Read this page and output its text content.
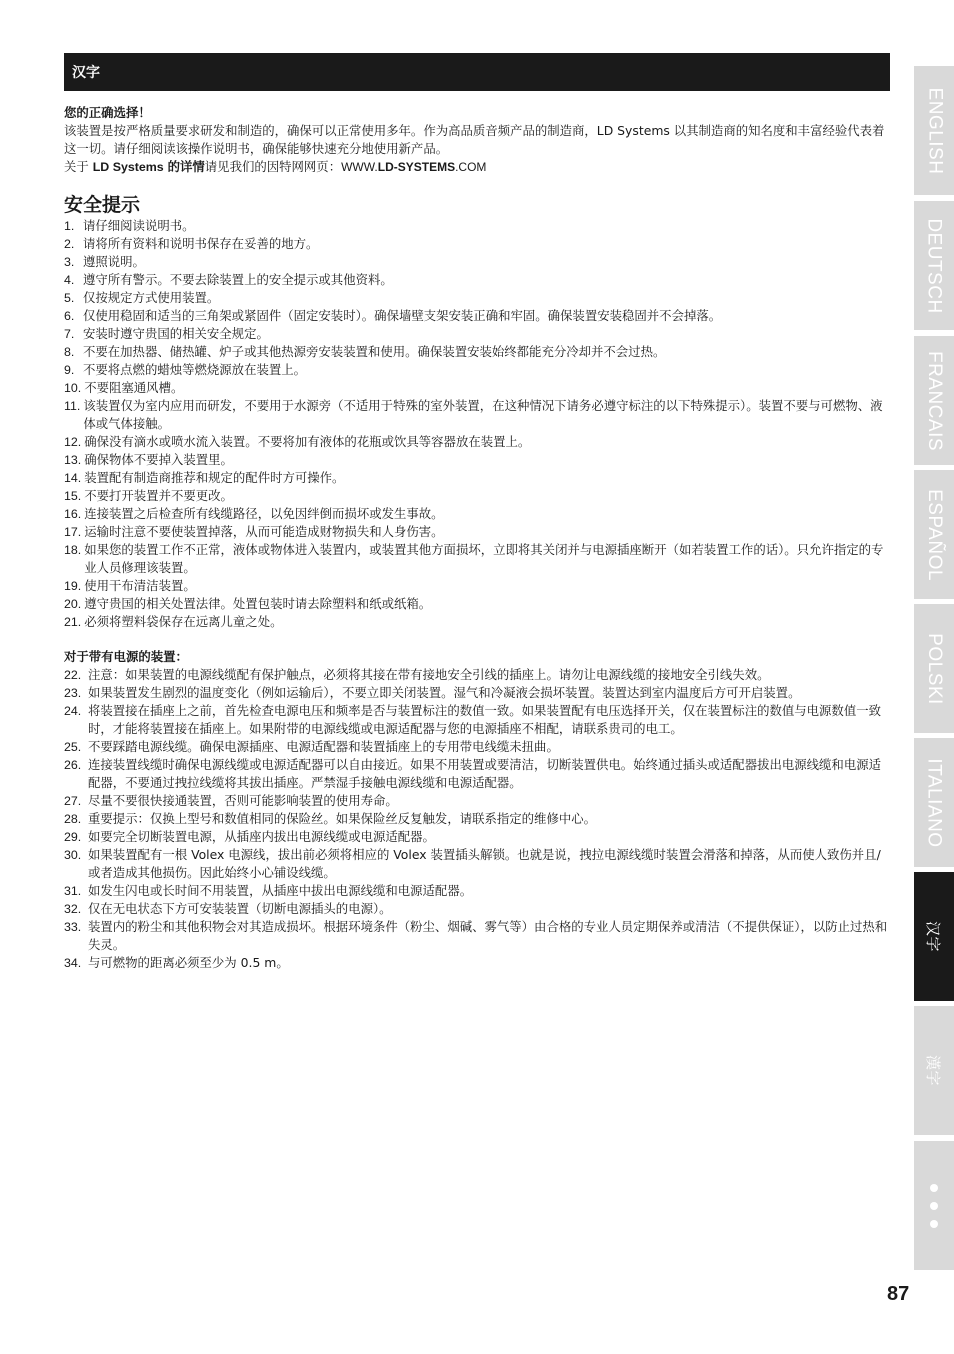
汉字

您的正确选择！

该装置是按严格质量要求研发和制造的，确保可以正常使用多年。作为高品质音频产品的制造商，LD Systems 以其制造商的知名度和丰富经验代表着这一切。请仔细阅读该操作说明书，确保能够快速充分地使用新产品。

关于 LD Systems 的详情请见我们的因特网网页：WWW.LD-SYSTEMS.COM

安全提示
1. 请仔细阅读说明书。
2. 请将所有资料和说明书保存在妥善的地方。
3. 遵照说明。
4. 遵守所有警示。不要去除装置上的安全提示或其他资料。
5. 仅按规定方式使用装置。
6. 仅使用稳固和适当的三角架或紧固件（固定安装时）。确保墙壁支架安装正确和牢固。确保装置安装稳固并不会掉落。
7. 安装时遵守贵国的相关安全规定。
8. 不要在加热器、储热罐、炉子或其他热源旁安装装置和使用。确保装置安装始终都能充分冷却并不会过热。
9. 不要将点燃的蜡烛等燃烧源放在装置上。
10. 不要阻塞通风槽。
11. 该装置仅为室内应用而研发，不要用于水源旁（不适用于特殊的室外装置，在这种情况下请务必遵守标注的以下特殊提示）。装置不要与可燃物、液体或气体接触。
12. 确保没有滴水或喷水流入装置。不要将加有液体的花瓶或饮具等容器放在装置上。
13. 确保物体不要掉入装置里。
14. 装置配有制造商推荐和规定的配件时方可操作。
15. 不要打开装置并不要更改。
16. 连接装置之后检查所有线缆路径，以免因绊倒而损坏或发生事故。
17. 运输时注意不要使装置掉落，从而可能造成财物损失和人身伤害。
18. 如果您的装置工作不正常，液体或物体进入装置内，或装置其他方面损坏，立即将其关闭并与电源插座断开（如若装置工作的话）。只允许指定的专业人员修理该装置。
19. 使用干布清洁装置。
20. 遵守贵国的相关处置法律。处置包装时请去除塑料和纸或纸箱。
21. 必须将塑料袋保存在远离儿童之处。
对于带有电源的装置：
22. 注意：如果装置的电源线缆配有保护触点，必须将其接在带有接地安全引线的插座上。请勿让电源线缆的接地安全引线失效。
23. 如果装置发生剧烈的温度变化（例如运输后），不要立即关闭装置。湿气和冷凝液会损坏装置。装置达到室内温度后方可开启装置。
24. 将装置接在插座上之前，首先检查电源电压和频率是否与装置标注的数值一致。如果装置配有电压选择开关，仅在装置标注的数值与电源数值一致时，才能将装置接在插座上。如果附带的电源线缆或电源适配器与您的电源插座不相配，请联系贵司的电工。
25. 不要踩踏电源线缆。确保电源插座、电源适配器和装置插座上的专用带电线缆未扭曲。
26. 连接装置线缆时确保电源线缆或电源适配器可以自由接近。如果不用装置或要清洁，切断装置供电。始终通过插头或适配器拔出电源线缆和电源适配器，不要通过拽拉线缆将其拔出插座。严禁湿手接触电源线缆和电源适配器。
27. 尽量不要很快接通装置，否则可能影响装置的使用寿命。
28. 重要提示：仅换上型号和数值相同的保险丝。如果保险丝反复触发，请联系指定的维修中心。
29. 如要完全切断装置电源，从插座内拔出电源线缆或电源适配器。
30. 如果装置配有一根 Volex 电源线，拔出前必须将相应的 Volex 装置插头解锁。也就是说，拽拉电源线缆时装置会滑落和掉落，从而使人致伤并且/或者造成其他损伤。因此始终小心铺设线缆。
31. 如发生闪电或长时间不用装置，从插座中拔出电源线缆和电源适配器。
32. 仅在无电状态下方可安装装置（切断电源插头的电源）。
33. 装置内的粉尘和其他积物会对其造成损坏。根据环境条件（粉尘、烟碱、雾气等）由合格的专业人员定期保养或清洁（不提供保证），以防止过热和失灵。
34. 与可燃物的距离必须至少为 0.5 m。
ENGLISH
DEUTSCH
FRANCAIS
ESPAÑOL
POLSKI
ITALIANO
汉字
漢字
87
